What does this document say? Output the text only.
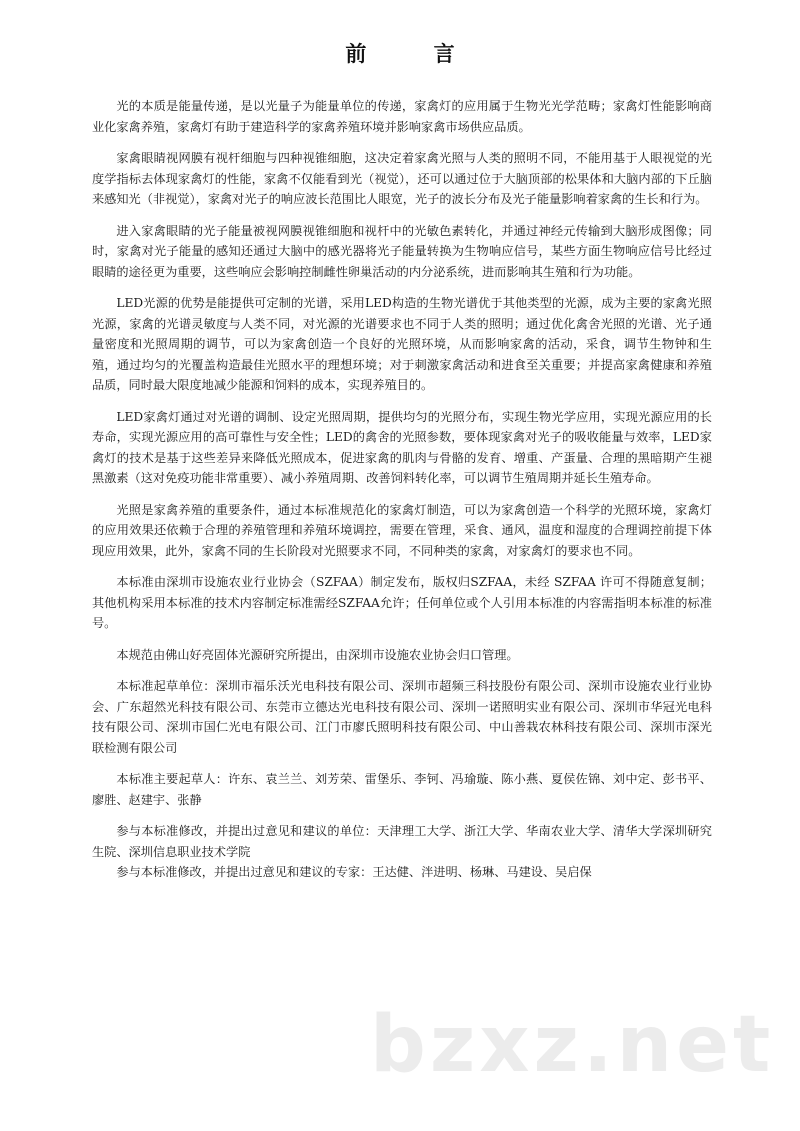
前 言

光的本质是能量传递，是以光量子为能量单位的传递，家禽灯的应用属于生物光光学范畴；家禽灯性能影响商业化家禽养殖，家禽灯有助于建造科学的家禽养殖环境并影响家禽市场供应品质。

家禽眼睛视网膜有视杆细胞与四种视锥细胞，这决定着家禽光照与人类的照明不同，不能用基于人眼视觉的光度学指标去体现家禽灯的性能，家禽不仅能看到光（视觉），还可以通过位于大脑顶部的松果体和大脑内部的下丘脑来感知光（非视觉），家禽对光子的响应波长范围比人眼宽，光子的波长分布及光子能量影响着家禽的生长和行为。

进入家禽眼睛的光子能量被视网膜视锥细胞和视杆中的光敏色素转化，并通过神经元传输到大脑形成图像；同时，家禽对光子能量的感知还通过大脑中的感光器将光子能量转换为生物响应信号，某些方面生物响应信号比经过眼睛的途径更为重要，这些响应会影响控制雌性卵巢活动的内分泌系统，进而影响其生殖和行为功能。

LED光源的优势是能提供可定制的光谱，采用LED构造的生物光谱优于其他类型的光源，成为主要的家禽光照光源，家禽的光谱灵敏度与人类不同，对光源的光谱要求也不同于人类的照明；通过优化禽舍光照的光谱、光子通量密度和光照周期的调节，可以为家禽创造一个良好的光照环境，从而影响家禽的活动，采食，调节生物钟和生殖，通过均匀的光覆盖构造最佳光照水平的理想环境；对于刺激家禽活动和进食至关重要；并提高家禽健康和养殖品质，同时最大限度地减少能源和饲料的成本，实现养殖目的。

LED家禽灯通过对光谱的调制、设定光照周期，提供均匀的光照分布，实现生物光学应用，实现光源应用的长寿命，实现光源应用的高可靠性与安全性；LED的禽舍的光照参数，要体现家禽对光子的吸收能量与效率，LED家禽灯的技术是基于这些差异来降低光照成本，促进家禽的肌肉与骨骼的发育、增重、产蛋量、合理的黑暗期产生褪黑激素（这对免疫功能非常重要）、减小养殖周期、改善饲料转化率，可以调节生殖周期并延长生殖寿命。

光照是家禽养殖的重要条件，通过本标准规范化的家禽灯制造，可以为家禽创造一个科学的光照环境，家禽灯的应用效果还依赖于合理的养殖管理和养殖环境调控，需要在管理，采食、通风，温度和湿度的合理调控前提下体现应用效果，此外，家禽不同的生长阶段对光照要求不同，不同种类的家禽，对家禽灯的要求也不同。

本标准由深圳市设施农业行业协会（SZFAA）制定发布，版权归SZFAA，未经 SZFAA 许可不得随意复制；其他机构采用本标准的技术内容制定标准需经SZFAA允许；任何单位或个人引用本标准的内容需指明本标准的标准号。

本规范由佛山好亮固体光源研究所提出，由深圳市设施农业协会归口管理。

本标准起草单位：深圳市福乐沃光电科技有限公司、深圳市超频三科技股份有限公司、深圳市设施农业行业协会、广东超然光科技有限公司、东莞市立德达光电科技有限公司、深圳一诺照明实业有限公司、深圳市华冠光电科技有限公司、深圳市国仁光电有限公司、江门市廖氏照明科技有限公司、中山善栽农林科技有限公司、深圳市深光联检测有限公司

本标准主要起草人：许东、袁兰兰、刘芳荣、雷堡乐、李钶、冯瑜璇、陈小燕、夏侯佐锦、刘中定、彭书平、廖胜、赵建宇、张静

参与本标准修改，并提出过意见和建议的单位：天津理工大学、浙江大学、华南农业大学、清华大学深圳研究生院、深圳信息职业技术学院

参与本标准修改，并提出过意见和建议的专家：王达健、泮进明、杨琳、马建设、吴启保

bzxz.net
